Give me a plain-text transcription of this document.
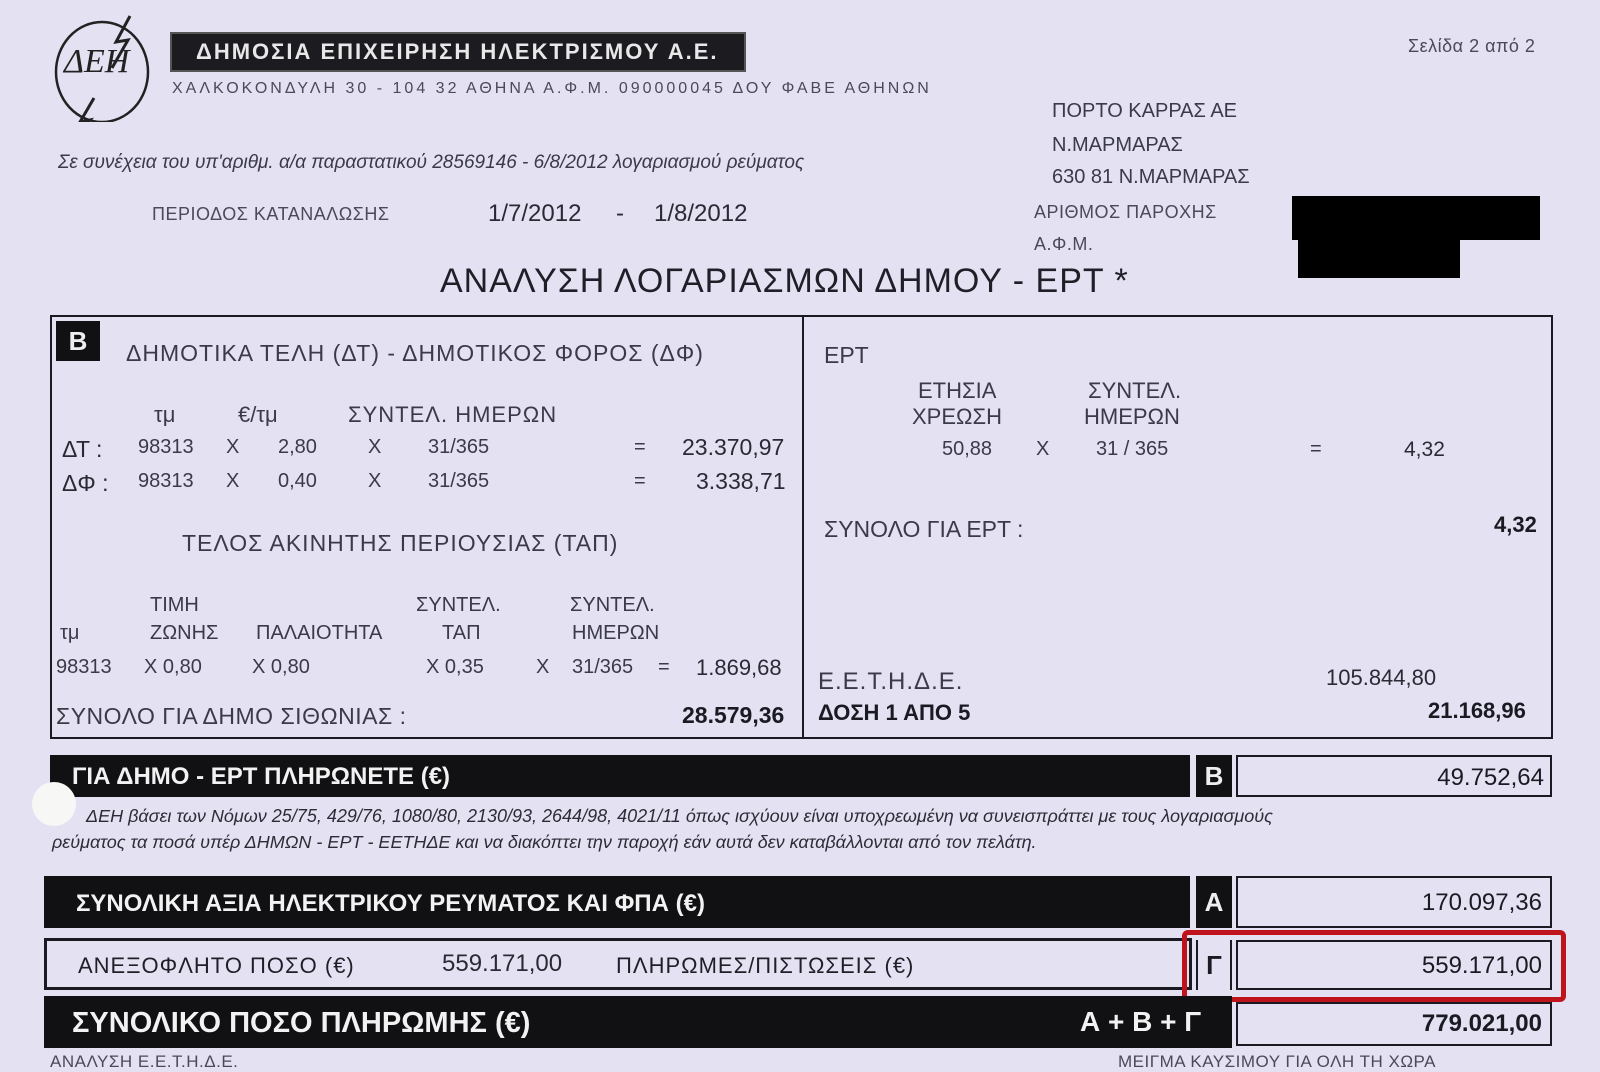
ΔΕΗ	ΔΗΜΟΣΙΑ ΕΠΙΧΕΙΡΗΣΗ ΗΛΕΚΤΡΙΣΜΟΥ Α.Ε.
ΧΑΛΚΟΚΟΝΔΥΛΗ 30 - 104 32 ΑΘΗΝΑ Α.Φ.Μ. 090000045 ΔΟΥ ΦΑΒΕ ΑΘΗΝΩΝ
Σελίδα 2 από 2
Σε συνέχεια του υπ'αριθμ. α/α παραστατικού 28569146 - 6/8/2012 λογαριασμού ρεύματος
ΠΕΡΙΟΔΟΣ ΚΑΤΑΝΑΛΩΣΗΣ	1/7/2012 - 1/8/2012
ΠΟΡΤΟ ΚΑΡΡΑΣ ΑΕ
Ν.ΜΑΡΜΑΡΑΣ
630 81 Ν.ΜΑΡΜΑΡΑΣ
ΑΡΙΘΜΟΣ ΠΑΡΟΧΗΣ
Α.Φ.Μ.
ΑΝΑΛΥΣΗ ΛΟΓΑΡΙΑΣΜΩΝ ΔΗΜΟΥ - ΕΡΤ *
Β	ΔΗΜΟΤΙΚΑ ΤΕΛΗ (ΔΤ) - ΔΗΜΟΤΙΚΟΣ ΦΟΡΟΣ (ΔΦ)
τμ	€/τμ	ΣΥΝΤΕΛ. ΗΜΕΡΩΝ
ΔΤ : 98313 X 2,80	X 31/365	= 23.370,97
ΔΦ : 98313 X 0,40	X 31/365	= 3.338,71
ΤΕΛΟΣ ΑΚΙΝΗΤΗΣ ΠΕΡΙΟΥΣΙΑΣ (ΤΑΠ)
ΤΙΜΗ
ΖΩΝΗΣ ΠΑΛΑΙΟΤΗΤΑ
ΣΥΝΤΕΛ.
ΤΑΠ
ΣΥΝΤΕΛ.
ΗΜΕΡΩΝ
τμ
98313 X 0,80	X 0,80	X 0,35	X 31/365 = 1.869,68
ΣΥΝΟΛΟ ΓΙΑ ΔΗΜΟ ΣΙΘΩΝΙΑΣ :	28.579,36
ΕΡΤ
ΕΤΗΣΙΑ
ΧΡΕΩΣΗ
ΣΥΝΤΕΛ.
ΗΜΕΡΩΝ
50,88 X 31 / 365	=	4,32
ΣΥΝΟΛΟ ΓΙΑ ΕΡΤ :	4,32
Ε.Ε.Τ.Η.Δ.Ε.	105.844,80
ΔΟΣΗ 1 ΑΠΟ 5	21.168,96
ΓΙΑ ΔΗΜΟ - ΕΡΤ ΠΛΗΡΩΝΕΤΕ (€)	Β	49.752,64
ΔΕΗ βάσει των Νόμων 25/75, 429/76, 1080/80, 2130/93, 2644/98, 4021/11 όπως ισχύουν είναι υποχρεωμένη να συνεισπράττει με τους λογαριασμούς
ρεύματος τα ποσά υπέρ ΔΗΜΩΝ - ΕΡΤ - ΕΕΤΗΔΕ και να διακόπτει την παροχή εάν αυτά δεν καταβάλλονται από τον πελάτη.
ΣΥΝΟΛΙΚΗ ΑΞΙΑ ΗΛΕΚΤΡΙΚΟΥ ΡΕΥΜΑΤΟΣ ΚΑΙ ΦΠΑ (€)	Α	170.097,36
ΑΝΕΞΟΦΛΗΤΟ ΠΟΣΟ (€)	559.171,00 ΠΛΗΡΩΜΕΣ/ΠΙΣΤΩΣΕΙΣ (€)	Γ	559.171,00
ΣΥΝΟΛΙΚΟ ΠΟΣΟ ΠΛΗΡΩΜΗΣ (€)	Α + Β + Γ	779.021,00
ΑΝΑΛΥΣΗ Ε.Ε.Τ.Η.Δ.Ε.	ΜΕΙΓΜΑ ΚΑΥΣΙΜΟΥ ΓΙΑ ΟΛΗ ΤΗ ΧΩΡΑ
